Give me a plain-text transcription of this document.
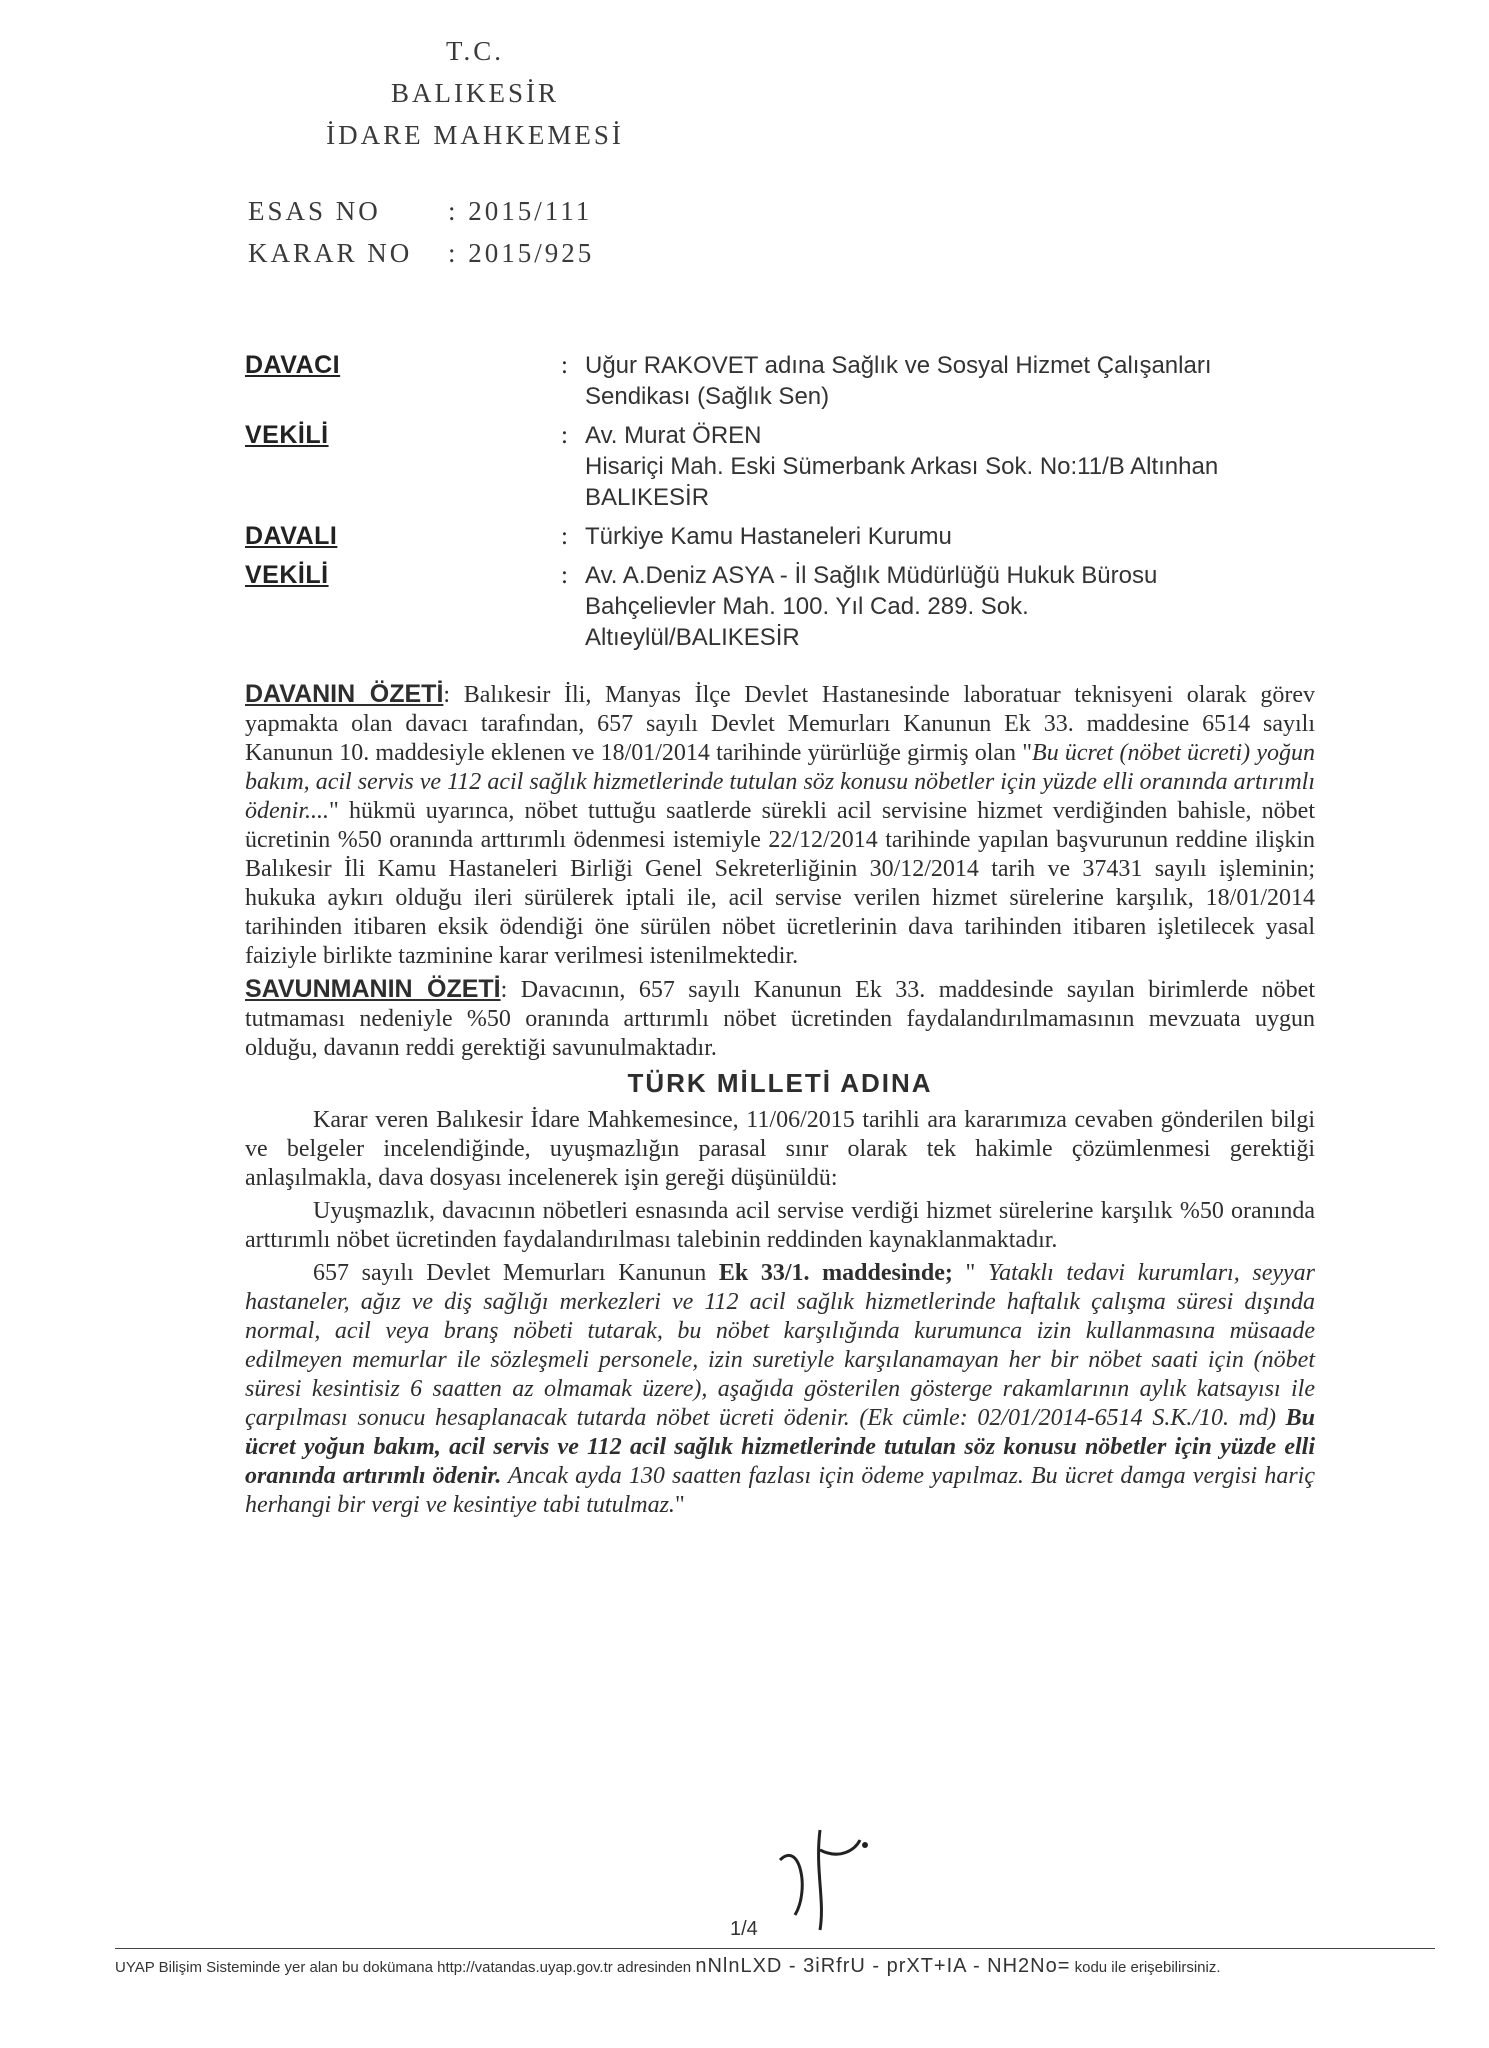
T.C.
BALIKESİR
İDARE MAHKEMESİ
ESAS NO	: 2015/111
KARAR NO	: 2015/925
DAVACI	: Uğur RAKOVET adına Sağlık ve Sosyal Hizmet Çalışanları
Sendikası (Sağlık Sen)
VEKİLİ	: Av. Murat ÖREN
Hisariçi Mah. Eski Sümerbank Arkası Sok. No:11/B Altınhan
BALIKESİR
DAVALI	: Türkiye Kamu Hastaneleri Kurumu
VEKİLİ	: Av. A.Deniz ASYA - İl Sağlık Müdürlüğü Hukuk Bürosu
Bahçelievler Mah. 100. Yıl Cad. 289. Sok.
Altıeylül/BALIKESİR

DAVANIN ÖZETİ: Balıkesir İli, Manyas İlçe Devlet Hastanesinde laboratuar teknisyeni olarak görev yapmakta olan davacı tarafından, 657 sayılı Devlet Memurları Kanunun Ek 33. maddesine 6514 sayılı Kanunun 10. maddesiyle eklenen ve 18/01/2014 tarihinde yürürlüğe girmiş olan "Bu ücret (nöbet ücreti) yoğun bakım, acil servis ve 112 acil sağlık hizmetlerinde tutulan söz konusu nöbetler için yüzde elli oranında artırımlı ödenir...." hükmü uyarınca, nöbet tuttuğu saatlerde sürekli acil servisine hizmet verdiğinden bahisle, nöbet ücretinin %50 oranında arttırımlı ödenmesi istemiyle 22/12/2014 tarihinde yapılan başvurunun reddine ilişkin Balıkesir İli Kamu Hastaneleri Birliği Genel Sekreterliğinin 30/12/2014 tarih ve 37431 sayılı işleminin; hukuka aykırı olduğu ileri sürülerek iptali ile, acil servise verilen hizmet sürelerine karşılık, 18/01/2014 tarihinden itibaren eksik ödendiği öne sürülen nöbet ücretlerinin dava tarihinden itibaren işletilecek yasal faiziyle birlikte tazminine karar verilmesi istenilmektedir.

SAVUNMANIN ÖZETİ: Davacının, 657 sayılı Kanunun Ek 33. maddesinde sayılan birimlerde nöbet tutmaması nedeniyle %50 oranında arttırımlı nöbet ücretinden faydalandırılmamasının mevzuata uygun olduğu, davanın reddi gerektiği savunulmaktadır.

TÜRK MİLLETİ ADINA

Karar veren Balıkesir İdare Mahkemesince, 11/06/2015 tarihli ara kararımıza cevaben gönderilen bilgi ve belgeler incelendiğinde, uyuşmazlığın parasal sınır olarak tek hakimle çözümlenmesi gerektiği anlaşılmakla, dava dosyası incelenerek işin gereği düşünüldü:

Uyuşmazlık, davacının nöbetleri esnasında acil servise verdiği hizmet sürelerine karşılık %50 oranında arttırımlı nöbet ücretinden faydalandırılması talebinin reddinden kaynaklanmaktadır.

657 sayılı Devlet Memurları Kanunun Ek 33/1. maddesinde; " Yataklı tedavi kurumları, seyyar hastaneler, ağız ve diş sağlığı merkezleri ve 112 acil sağlık hizmetlerinde haftalık çalışma süresi dışında normal, acil veya branş nöbeti tutarak, bu nöbet karşılığında kurumunca izin kullanmasına müsaade edilmeyen memurlar ile sözleşmeli personele, izin suretiyle karşılanamayan her bir nöbet saati için (nöbet süresi kesintisiz 6 saatten az olmamak üzere), aşağıda gösterilen gösterge rakamlarının aylık katsayısı ile çarpılması sonucu hesaplanacak tutarda nöbet ücreti ödenir. (Ek cümle: 02/01/2014-6514 S.K./10. md) Bu ücret yoğun bakım, acil servis ve 112 acil sağlık hizmetlerinde tutulan söz konusu nöbetler için yüzde elli oranında artırımlı ödenir. Ancak ayda 130 saatten fazlası için ödeme yapılmaz. Bu ücret damga vergisi hariç herhangi bir vergi ve kesintiye tabi tutulmaz."

1/4
UYAP Bilişim Sisteminde yer alan bu dokümana http://vatandas.uyap.gov.tr adresinden nNlnLXD - 3iRfrU - prXT+IA - NH2No= kodu ile erişebilirsiniz.
